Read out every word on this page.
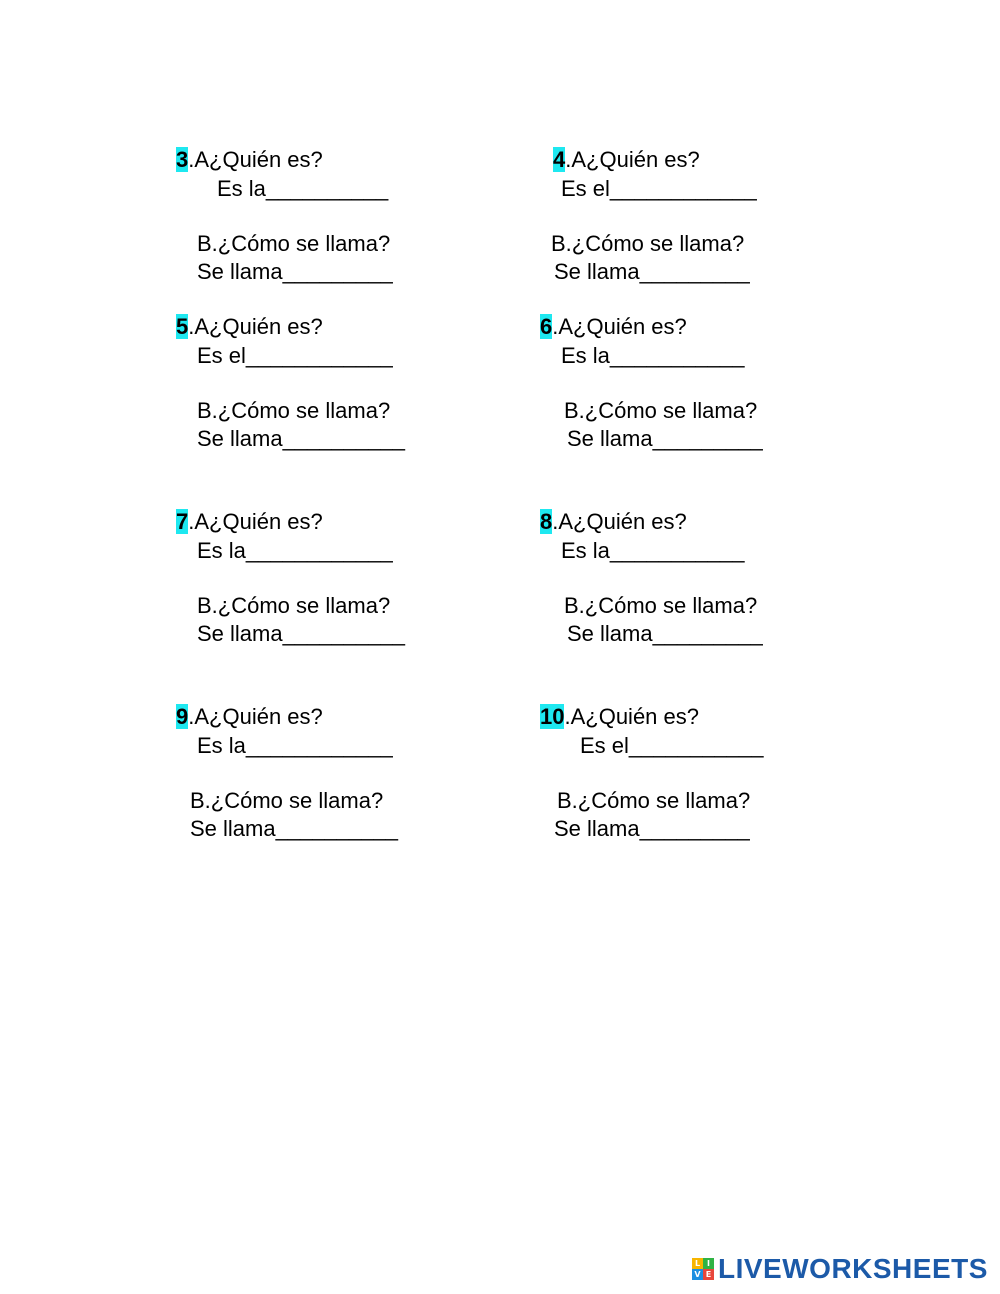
3.A¿Quién es?
Es la__________
B.¿Cómo se llama?
Se llama_________
4.A¿Quién es?
Es el____________
B.¿Cómo se llama?
Se llama_________
5.A¿Quién es?
Es el____________
B.¿Cómo se llama?
Se llama__________
6.A¿Quién es?
Es la___________
B.¿Cómo se llama?
Se llama_________
7.A¿Quién es?
Es la____________
B.¿Cómo se llama?
Se llama__________
8.A¿Quién es?
Es la___________
B.¿Cómo se llama?
Se llama_________
9.A¿Quién es?
Es la____________
B.¿Cómo se llama?
Se llama__________
10.A¿Quién es?
Es el___________
B.¿Cómo se llama?
Se llama_________
L I
V E LIVEWORKSHEETS
